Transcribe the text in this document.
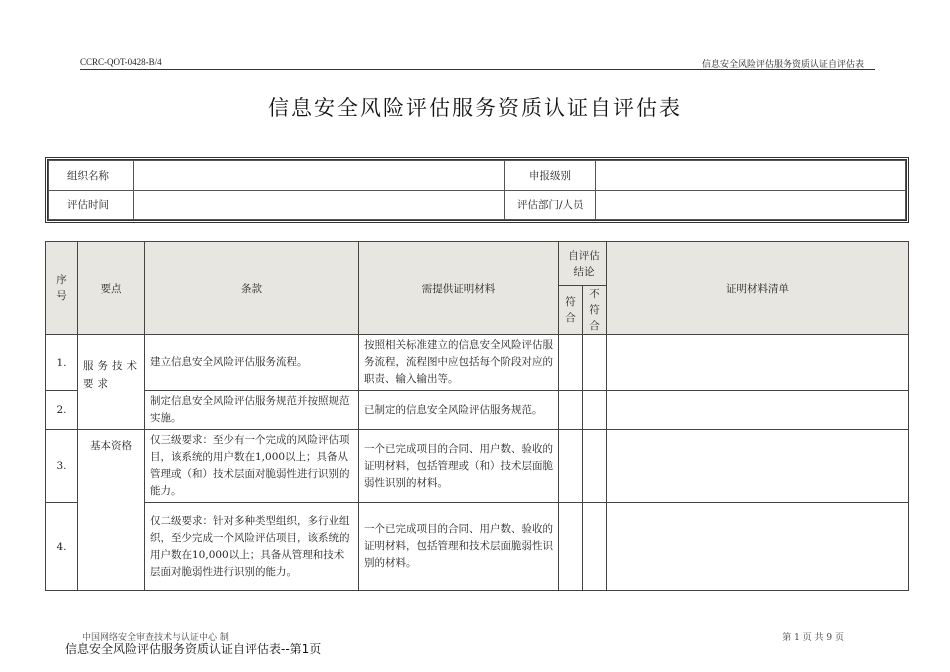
CCRC-QOT-0428-B/4	信息安全风险评估服务资质认证自评估表
信息安全风险评估服务资质认证自评估表
组织名称		申报级别	
评估时间		评估部门/人员	
序号	要点	条款	需提供证明材料	自评估结论		证明材料清单
				符合	不符合	
1.	服务技术要求	建立信息安全风险评估服务流程。	按照相关标准建立的信息安全风险评估服务流程，流程图中应包括每个阶段对应的职责、输入输出等。			
2.		制定信息安全风险评估服务规范并按照规范实施。	已制定的信息安全风险评估服务规范。			
3.	基本资格	仅三级要求：至少有一个完成的风险评估项目，该系统的用户数在1,000以上；具备从管理或（和）技术层面对脆弱性进行识别的能力。	一个已完成项目的合同、用户数、验收的证明材料，包括管理或（和）技术层面脆弱性识别的材料。			
4.		仅二级要求：针对多种类型组织，多行业组织，至少完成一个风险评估项目，该系统的用户数在10,000以上；具备从管理和技术层面对脆弱性进行识别的能力。	一个已完成项目的合同、用户数、验收的证明材料，包括管理和技术层面脆弱性识别的材料。			
中国网络安全审查技术与认证中心 制	第 1 页 共 9 页
信息安全风险评估服务资质认证自评估表--第1页
